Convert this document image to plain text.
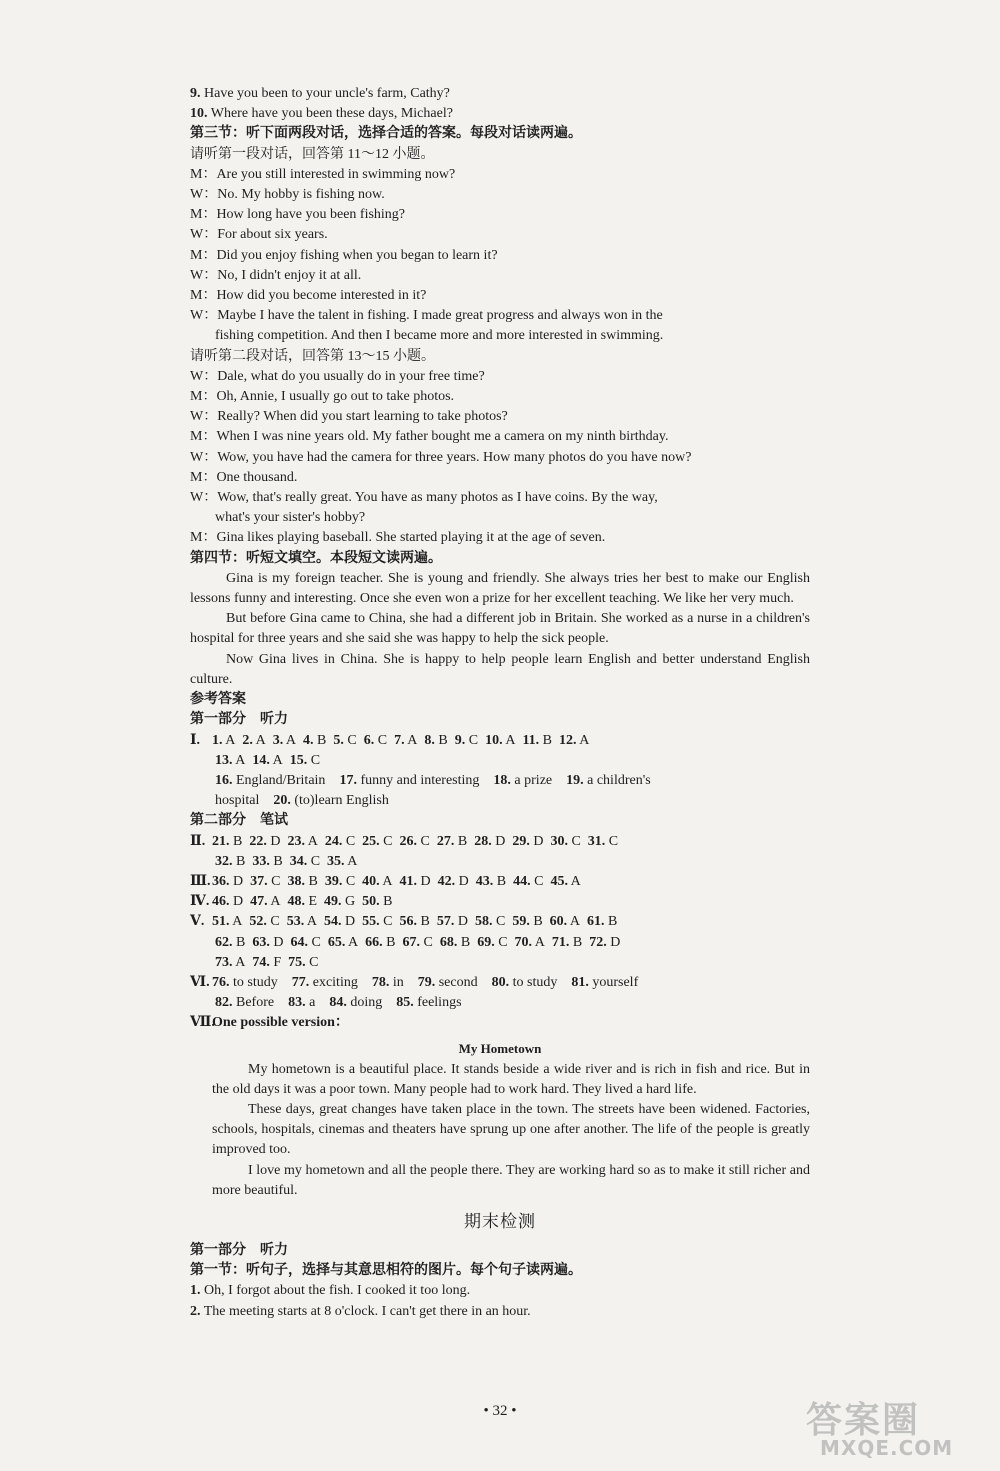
9. Have you been to your uncle's farm, Cathy?
10. Where have you been these days, Michael?
第三节：听下面两段对话，选择合适的答案。每段对话读两遍。
请听第一段对话，回答第 11～12 小题。
M：Are you still interested in swimming now?
W：No. My hobby is fishing now.
M：How long have you been fishing?
W：For about six years.
M：Did you enjoy fishing when you began to learn it?
W：No, I didn't enjoy it at all.
M：How did you become interested in it?
W：Maybe I have the talent in fishing. I made great progress and always won in the
fishing competition. And then I became more and more interested in swimming.
请听第二段对话，回答第 13～15 小题。
W：Dale, what do you usually do in your free time?
M：Oh, Annie, I usually go out to take photos.
W：Really? When did you start learning to take photos?
M：When I was nine years old. My father bought me a camera on my ninth birthday.
W：Wow, you have had the camera for three years. How many photos do you have now?
M：One thousand.
W：Wow, that's really great. You have as many photos as I have coins. By the way,
what's your sister's hobby?
M：Gina likes playing baseball. She started playing it at the age of seven.
第四节：听短文填空。本段短文读两遍。
Gina is my foreign teacher. She is young and friendly. She always tries her best to make our English lessons funny and interesting. Once she even won a prize for her excellent teaching. We like her very much.
But before Gina came to China, she had a different job in Britain. She worked as a nurse in a children's hospital for three years and she said she was happy to help the sick people.
Now Gina lives in China. She is happy to help people learn English and better understand English culture.
参考答案
第一部分　听力
Ⅰ. 1. A 2. A 3. A 4. B 5. C 6. C 7. A 8. B 9. C 10. A 11. B 12. A
13. A 14. A 15. C
16. England/Britain　17. funny and interesting　18. a prize　19. a children's
hospital　20. (to)learn English
第二部分　笔试
Ⅱ. 21. B 22. D 23. A 24. C 25. C 26. C 27. B 28. D 29. D 30. C 31. C
32. B 33. B 34. C 35. A
Ⅲ.36. D 37. C 38. B 39. C 40. A 41. D 42. D 43. B 44. C 45. A
Ⅳ. 46. D 47. A 48. E 49. G 50. B
Ⅴ. 51. A 52. C 53. A 54. D 55. C 56. B 57. D 58. C 59. B 60. A 61. B
62. B 63. D 64. C 65. A 66. B 67. C 68. B 69. C 70. A 71. B 72. D
73. A 74. F 75. C
Ⅵ. 76. to study 77. exciting 78. in 79. second 80. to study 81. yourself
82. Before 83. a 84. doing 85. feelings
Ⅶ.One possible version：
My Hometown
My hometown is a beautiful place. It stands beside a wide river and is rich in fish and rice. But in the old days it was a poor town. Many people had to work hard. They lived a hard life.
These days, great changes have taken place in the town. The streets have been widened. Factories, schools, hospitals, cinemas and theaters have sprung up one after another. The life of the people is greatly improved too.
I love my hometown and all the people there. They are working hard so as to make it still richer and more beautiful.
期末检测
第一部分　听力
第一节：听句子，选择与其意思相符的图片。每个句子读两遍。
1. Oh, I forgot about the fish. I cooked it too long.
2. The meeting starts at 8 o'clock. I can't get there in an hour.
• 32 •	答案圈
MXQE.COM
